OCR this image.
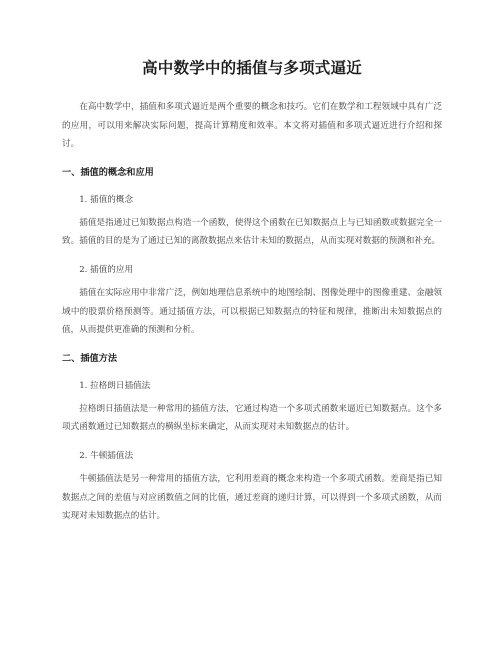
高中数学中的插值与多项式逼近

在高中数学中，插值和多项式逼近是两个重要的概念和技巧。它们在数学和工程领域中具有广泛的应用，可以用来解决实际问题，提高计算精度和效率。本文将对插值和多项式逼近进行介绍和探讨。

一、插值的概念和应用
1. 插值的概念

插值是指通过已知数据点构造一个函数，使得这个函数在已知数据点上与已知函数或数据完全一致。插值的目的是为了通过已知的离散数据点来估计未知的数据点，从而实现对数据的预测和补充。

2. 插值的应用

插值在实际应用中非常广泛，例如地理信息系统中的地图绘制、图像处理中的图像重建、金融领域中的股票价格预测等。通过插值方法，可以根据已知数据点的特征和规律，推断出未知数据点的值，从而提供更准确的预测和分析。

二、插值方法
1. 拉格朗日插值法

拉格朗日插值法是一种常用的插值方法，它通过构造一个多项式函数来逼近已知数据点。这个多项式函数通过已知数据点的横纵坐标来确定，从而实现对未知数据点的估计。

2. 牛顿插值法

牛顿插值法是另一种常用的插值方法，它利用差商的概念来构造一个多项式函数。差商是指已知数据点之间的差值与对应函数值之间的比值，通过差商的递归计算，可以得到一个多项式函数，从而实现对未知数据点的估计。
